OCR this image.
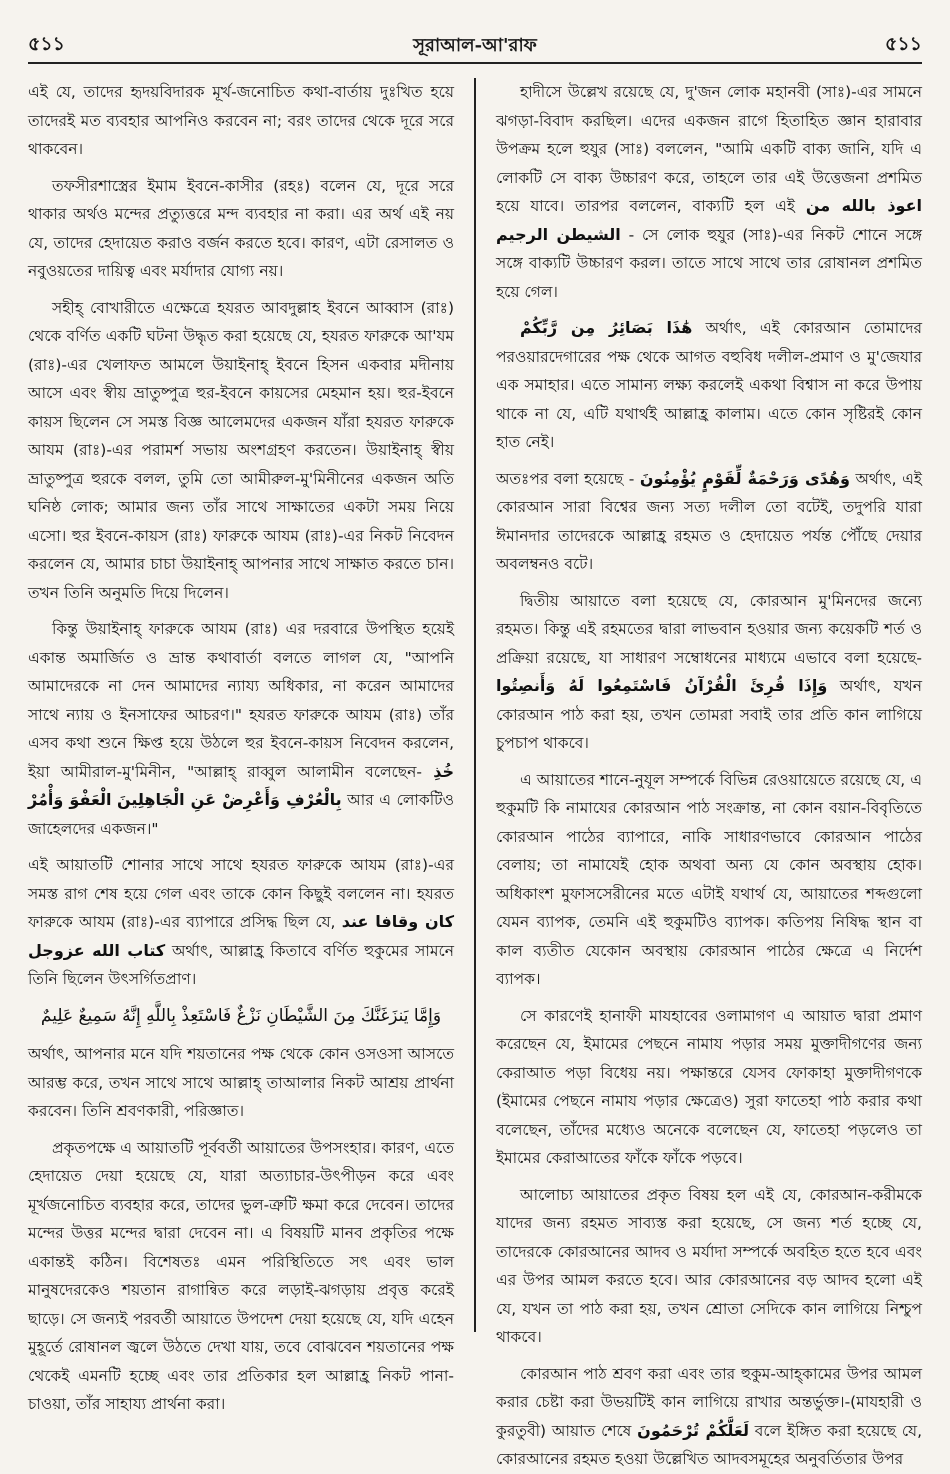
৫১১	সূরাআল-আ'রাফ	৫১১

এই যে, তাদের হৃদয়বিদারক মূর্খ-জনোচিত কথা-বার্তায় দুঃখিত হয়ে তাদেরই মত ব্যবহার আপনিও করবেন না; বরং তাদের থেকে দূরে সরে থাকবেন।

তফসীরশাস্ত্রের ইমাম ইবনে-কাসীর (রহঃ) বলেন যে, দূরে সরে থাকার অর্থও মন্দের প্রত্যুত্তরে মন্দ ব্যবহার না করা। এর অর্থ এই নয় যে, তাদের হেদায়েত করাও বর্জন করতে হবে। কারণ, এটা রেসালত ও নবুওয়তের দায়িত্ব এবং মর্যাদার যোগ্য নয়।

সহীহ্ বোখারীতে এক্ষেত্রে হযরত আবদুল্লাহ ইবনে আব্বাস (রাঃ) থেকে বর্ণিত একটি ঘটনা উদ্ধৃত করা হয়েছে যে, হযরত ফারুকে আ'যম (রাঃ)-এর খেলাফত আমলে উয়াইনাহ্ ইবনে হিসন একবার মদীনায় আসে এবং স্বীয় ভ্রাতুষ্পুত্র হুর-ইবনে কায়সের মেহমান হয়। হুর-ইবনে কায়স ছিলেন সে সমস্ত বিজ্ঞ আলেমদের একজন যাঁরা হযরত ফারুকে আযম (রাঃ)-এর পরামর্শ সভায় অংশগ্রহণ করতেন। উয়াইনাহ্ স্বীয় ভ্রাতুষ্পুত্র হুরকে বলল, তুমি তো আমীরুল-মু'মিনীনের একজন অতি ঘনিষ্ঠ লোক; আমার জন্য তাঁর সাথে সাক্ষাতের একটা সময় নিয়ে এসো। হুর ইবনে-কায়স (রাঃ) ফারুকে আযম (রাঃ)-এর নিকট নিবেদন করলেন যে, আমার চাচা উয়াইনাহ্ আপনার সাথে সাক্ষাত করতে চান। তখন তিনি অনুমতি দিয়ে দিলেন।

কিন্তু উয়াইনাহ্ ফারুকে আযম (রাঃ) এর দরবারে উপস্থিত হয়েই একান্ত অমার্জিত ও ভ্রান্ত কথাবার্তা বলতে লাগল যে, "আপনি আমাদেরকে না দেন আমাদের ন্যায্য অধিকার, না করেন আমাদের সাথে ন্যায় ও ইনসাফের আচরণ।" হযরত ফারুকে আযম (রাঃ) তাঁর এসব কথা শুনে ক্ষিপ্ত হয়ে উঠলে হুর ইবনে-কায়স নিবেদন করলেন, ইয়া আমীরাল-মু'মিনীন, "আল্লাহ্ রাব্বুল আলামীন বলেছেন- خُذِ الْعَفْوَ وَأْمُرْ بِالْعُرْفِ وَأَعْرِضْ عَنِ الْجَاهِلِينَ আর এ লোকটিও জাহেলদের একজন।"

এই আয়াতটি শোনার সাথে সাথে হযরত ফারুকে আযম (রাঃ)-এর সমস্ত রাগ শেষ হয়ে গেল এবং তাকে কোন কিছুই বললেন না। হযরত ফারুকে আযম (রাঃ)-এর ব্যাপারে প্রসিদ্ধ ছিল যে, كان وقافا عند كتاب الله عزوجل অর্থাৎ, আল্লাহ্র কিতাবে বর্ণিত হুকুমের সামনে তিনি ছিলেন উৎসর্গিতপ্রাণ।

وَإِمَّا يَنزَغَنَّكَ مِنَ الشَّيْطَانِ نَزْغٌ فَاسْتَعِذْ بِاللَّهِ إِنَّهُ سَمِيعٌ عَلِيمٌ

অর্থাৎ, আপনার মনে যদি শয়তানের পক্ষ থেকে কোন ওসওসা আসতে আরম্ভ করে, তখন সাথে সাথে আল্লাহ্ তাআলার নিকট আশ্রয় প্রার্থনা করবেন। তিনি শ্রবণকারী, পরিজ্ঞাত।

প্রকৃতপক্ষে এ আয়াতটি পূর্ববর্তী আয়াতের উপসংহার। কারণ, এতে হেদায়েত দেয়া হয়েছে যে, যারা অত্যাচার-উৎপীড়ন করে এবং মূর্খজনোচিত ব্যবহার করে, তাদের ভুল-ত্রুটি ক্ষমা করে দেবেন। তাদের মন্দের উত্তর মন্দের দ্বারা দেবেন না। এ বিষয়টি মানব প্রকৃতির পক্ষে একান্তই কঠিন। বিশেষতঃ এমন পরিস্থিতিতে সৎ এবং ভাল মানুষদেরকেও শয়তান রাগান্বিত করে লড়াই-ঝগড়ায় প্রবৃত্ত করেই ছাড়ে। সে জন্যই পরবর্তী আয়াতে উপদেশ দেয়া হয়েছে যে, যদি এহেন মুহূর্তে রোষানল জ্বলে উঠতে দেখা যায়, তবে বোঝবেন শয়তানের পক্ষ থেকেই এমনটি হচ্ছে এবং তার প্রতিকার হল আল্লাহ্র নিকট পানা-চাওয়া, তাঁর সাহায্য প্রার্থনা করা।

হাদীসে উল্লেখ রয়েছে যে, দু'জন লোক মহানবী (সাঃ)-এর সামনে ঝগড়া-বিবাদ করছিল। এদের একজন রাগে হিতাহিত জ্ঞান হারাবার উপক্রম হলে হুযুর (সাঃ) বললেন, "আমি একটি বাক্য জানি, যদি এ লোকটি সে বাক্য উচ্চারণ করে, তাহলে তার এই উত্তেজনা প্রশমিত হয়ে যাবে। তারপর বললেন, বাক্যটি হল এই اعوذ بالله من الشيطن الرجيم - সে লোক হুযুর (সাঃ)-এর নিকট শোনে সঙ্গে সঙ্গে বাক্যটি উচ্চারণ করল। তাতে সাথে সাথে তার রোষানল প্রশমিত হয়ে গেল।

هَٰذَا بَصَائِرُ مِن رَّبِّكُمْ অর্থাৎ, এই কোরআন তোমাদের পরওয়ারদেগারের পক্ষ থেকে আগত বহুবিধ দলীল-প্রমাণ ও মু'জেযার এক সমাহার। এতে সামান্য লক্ষ্য করলেই একথা বিশ্বাস না করে উপায় থাকে না যে, এটি যথার্থই আল্লাহ্র কালাম। এতে কোন সৃষ্টিরই কোন হাত নেই।

অতঃপর বলা হয়েছে - وَهُدًى وَرَحْمَةٌ لِّقَوْمٍ يُؤْمِنُونَ অর্থাৎ, এই কোরআন সারা বিশ্বের জন্য সত্য দলীল তো বটেই, তদুপরি যারা ঈমানদার তাদেরকে আল্লাহ্র রহমত ও হেদায়েত পর্যন্ত পৌঁছে দেয়ার অবলম্বনও বটে।

দ্বিতীয় আয়াতে বলা হয়েছে যে, কোরআন মু'মিনদের জন্যে রহমত। কিন্তু এই রহমতের দ্বারা লাভবান হওয়ার জন্য কয়েকটি শর্ত ও প্রক্রিয়া রয়েছে, যা সাধারণ সম্বোধনের মাধ্যমে এভাবে বলা হয়েছে- وَإِذَا قُرِئَ الْقُرْآنُ فَاسْتَمِعُوا لَهُ وَأَنصِتُوا অর্থাৎ, যখন কোরআন পাঠ করা হয়, তখন তোমরা সবাই তার প্রতি কান লাগিয়ে চুপচাপ থাকবে।

এ আয়াতের শানে-নুযূল সম্পর্কে বিভিন্ন রেওয়ায়েতে রয়েছে যে, এ হুকুমটি কি নামাযের কোরআন পাঠ সংক্রান্ত, না কোন বয়ান-বিবৃতিতে কোরআন পাঠের ব্যাপারে, নাকি সাধারণভাবে কোরআন পাঠের বেলায়; তা নামাযেই হোক অথবা অন্য যে কোন অবস্থায় হোক। অধিকাংশ মুফাসসেরীনের মতে এটাই যথার্থ যে, আয়াতের শব্দগুলো যেমন ব্যাপক, তেমনি এই হুকুমটিও ব্যাপক। কতিপয় নিষিদ্ধ স্থান বা কাল ব্যতীত যেকোন অবস্থায় কোরআন পাঠের ক্ষেত্রে এ নির্দেশ ব্যাপক।

সে কারণেই হানাফী মাযহাবের ওলামাগণ এ আয়াত দ্বারা প্রমাণ করেছেন যে, ইমামের পেছনে নামায পড়ার সময় মুক্তাদীগণের জন্য কেরাআত পড়া বিধেয় নয়। পক্ষান্তরে যেসব ফোকাহা মুক্তাদীগণকে (ইমামের পেছনে নামায পড়ার ক্ষেত্রেও) সুরা ফাতেহা পাঠ করার কথা বলেছেন, তাঁদের মধ্যেও অনেকে বলেছেন যে, ফাতেহা পড়লেও তা ইমামের কেরাআতের ফাঁকে ফাঁকে পড়বে।

আলোচ্য আয়াতের প্রকৃত বিষয় হল এই যে, কোরআন-করীমকে যাদের জন্য রহমত সাব্যস্ত করা হয়েছে, সে জন্য শর্ত হচ্ছে যে, তাদেরকে কোরআনের আদব ও মর্যাদা সম্পর্কে অবহিত হতে হবে এবং এর উপর আমল করতে হবে। আর কোরআনের বড় আদব হলো এই যে, যখন তা পাঠ করা হয়, তখন শ্রোতা সেদিকে কান লাগিয়ে নিশ্চুপ থাকবে।

কোরআন পাঠ শ্রবণ করা এবং তার হুকুম-আহ্কামের উপর আমল করার চেষ্টা করা উভয়টিই কান লাগিয়ে রাখার অন্তর্ভুক্ত।-(মাযহারী ও কুরতুবী) আয়াত শেষে لَعَلَّكُمْ تُرْحَمُونَ বলে ইঙ্গিত করা হয়েছে যে, কোরআনের রহমত হওয়া উল্লেখিত আদবসমূহের অনুবর্তিতার উপর
